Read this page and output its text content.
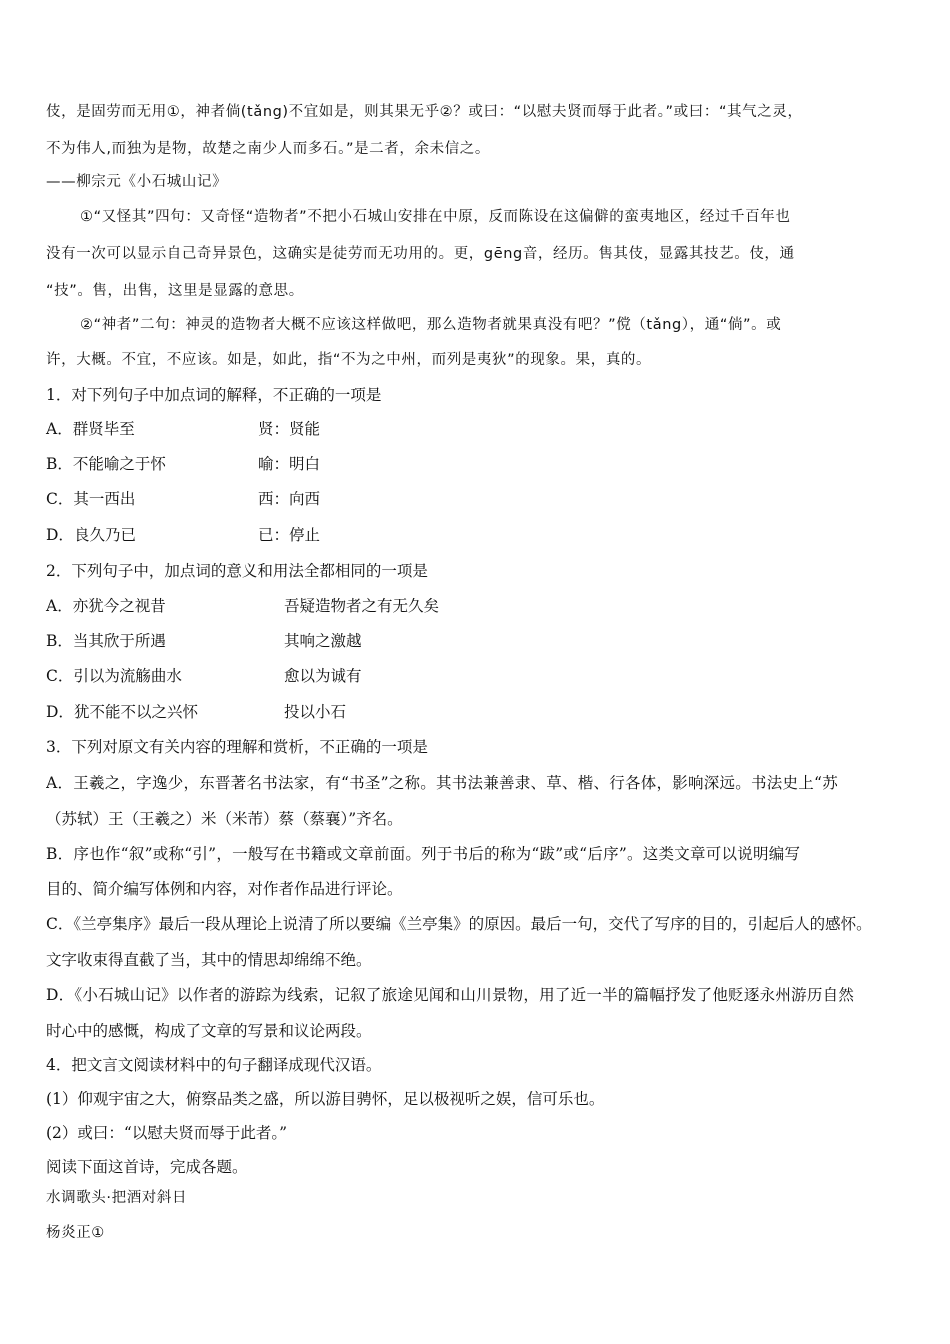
伎，是固劳而无用①，神者倘(tǎng)不宜如是，则其果无乎②？或曰：“以慰夫贤而辱于此者。”或曰：“其气之灵，
不为伟人,而独为是物，故楚之南少人而多石。”是二者，余未信之。
——柳宗元《小石城山记》
①“又怪其”四句：又奇怪“造物者”不把小石城山安排在中原，反而陈设在这偏僻的蛮夷地区，经过千百年也
没有一次可以显示自己奇异景色，这确实是徒劳而无功用的。更，gēng音，经历。售其伎，显露其技艺。伎，通
“技”。售，出售，这里是显露的意思。
②“神者”二句：神灵的造物者大概不应该这样做吧，那么造物者就果真没有吧？”傥（tǎng），通“倘”。或
许，大概。不宜，不应该。如是，如此，指“不为之中州，而列是夷狄”的现象。果，真的。
1．对下列句子中加点词的解释，不正确的一项是
A．群贤毕至	贤：贤能
B．不能喻之于怀	喻：明白
C．其一西出	西：向西
D．良久乃已	已：停止
2．下列句子中，加点词的意义和用法全都相同的一项是
A．亦犹今之视昔	吾疑造物者之有无久矣
B．当其欣于所遇	其响之激越
C．引以为流觞曲水	愈以为诚有
D．犹不能不以之兴怀	投以小石
3．下列对原文有关内容的理解和赏析，不正确的一项是
A．王羲之，字逸少，东晋著名书法家，有“书圣”之称。其书法兼善隶、草、楷、行各体，影响深远。书法史上“苏
（苏轼）王（王羲之）米（米芾）蔡（蔡襄）”齐名。
B．序也作“叙”或称“引”，一般写在书籍或文章前面。列于书后的称为“跋”或“后序”。这类文章可以说明编写
目的、简介编写体例和内容，对作者作品进行评论。
C．《兰亭集序》最后一段从理论上说清了所以要编《兰亭集》的原因。最后一句，交代了写序的目的，引起后人的感怀。
文字收束得直截了当，其中的情思却绵绵不绝。
D．《小石城山记》以作者的游踪为线索，记叙了旅途见闻和山川景物，用了近一半的篇幅抒发了他贬逐永州游历自然
时心中的感慨，构成了文章的写景和议论两段。
4．把文言文阅读材料中的句子翻译成现代汉语。
(1）仰观宇宙之大，俯察品类之盛，所以游目骋怀，足以极视听之娱，信可乐也。
(2）或曰：“以慰夫贤而辱于此者。”
阅读下面这首诗，完成各题。
水调歌头·把酒对斜日
杨炎正①
